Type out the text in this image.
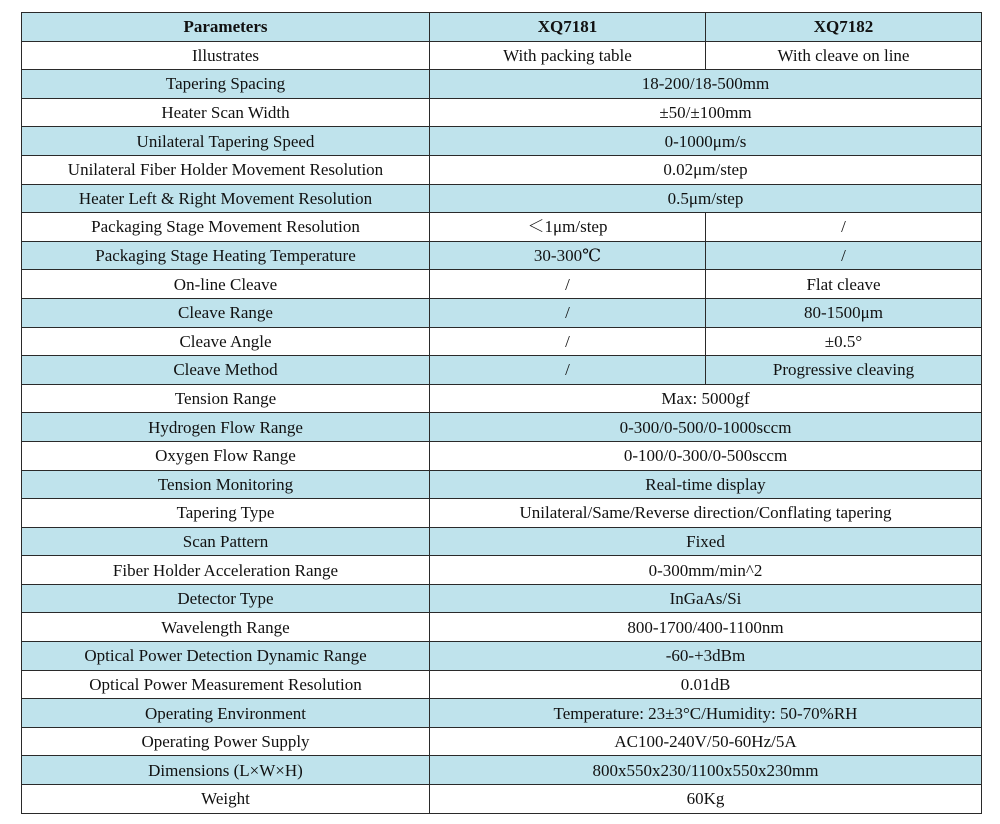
Parameters	XQ7181	XQ7182
Illustrates	With packing table	With cleave on line
Tapering Spacing	18-200/18-500mm	
Heater Scan Width	±50/±100mm	
Unilateral Tapering Speed	0-1000μm/s	
Unilateral Fiber Holder Movement Resolution	0.02μm/step	
Heater Left & Right Movement Resolution	0.5μm/step	
Packaging Stage Movement Resolution	＜1μm/step	/
Packaging Stage Heating Temperature	30-300℃	/
On-line Cleave	/	Flat cleave
Cleave Range	/	80-1500μm
Cleave Angle	/	±0.5°
Cleave Method	/	Progressive cleaving
Tension Range	Max: 5000gf	
Hydrogen Flow Range	0-300/0-500/0-1000sccm	
Oxygen Flow Range	0-100/0-300/0-500sccm	
Tension Monitoring	Real-time display	
Tapering Type	Unilateral/Same/Reverse direction/Conflating tapering	
Scan Pattern	Fixed	
Fiber Holder Acceleration Range	0-300mm/min^2	
Detector Type	InGaAs/Si	
Wavelength Range	800-1700/400-1100nm	
Optical Power Detection Dynamic Range	-60-+3dBm	
Optical Power Measurement Resolution	0.01dB	
Operating Environment	Temperature: 23±3°C/Humidity: 50-70%RH	
Operating Power Supply	AC100-240V/50-60Hz/5A	
Dimensions (L×W×H)	800x550x230/1100x550x230mm	
Weight	60Kg	
